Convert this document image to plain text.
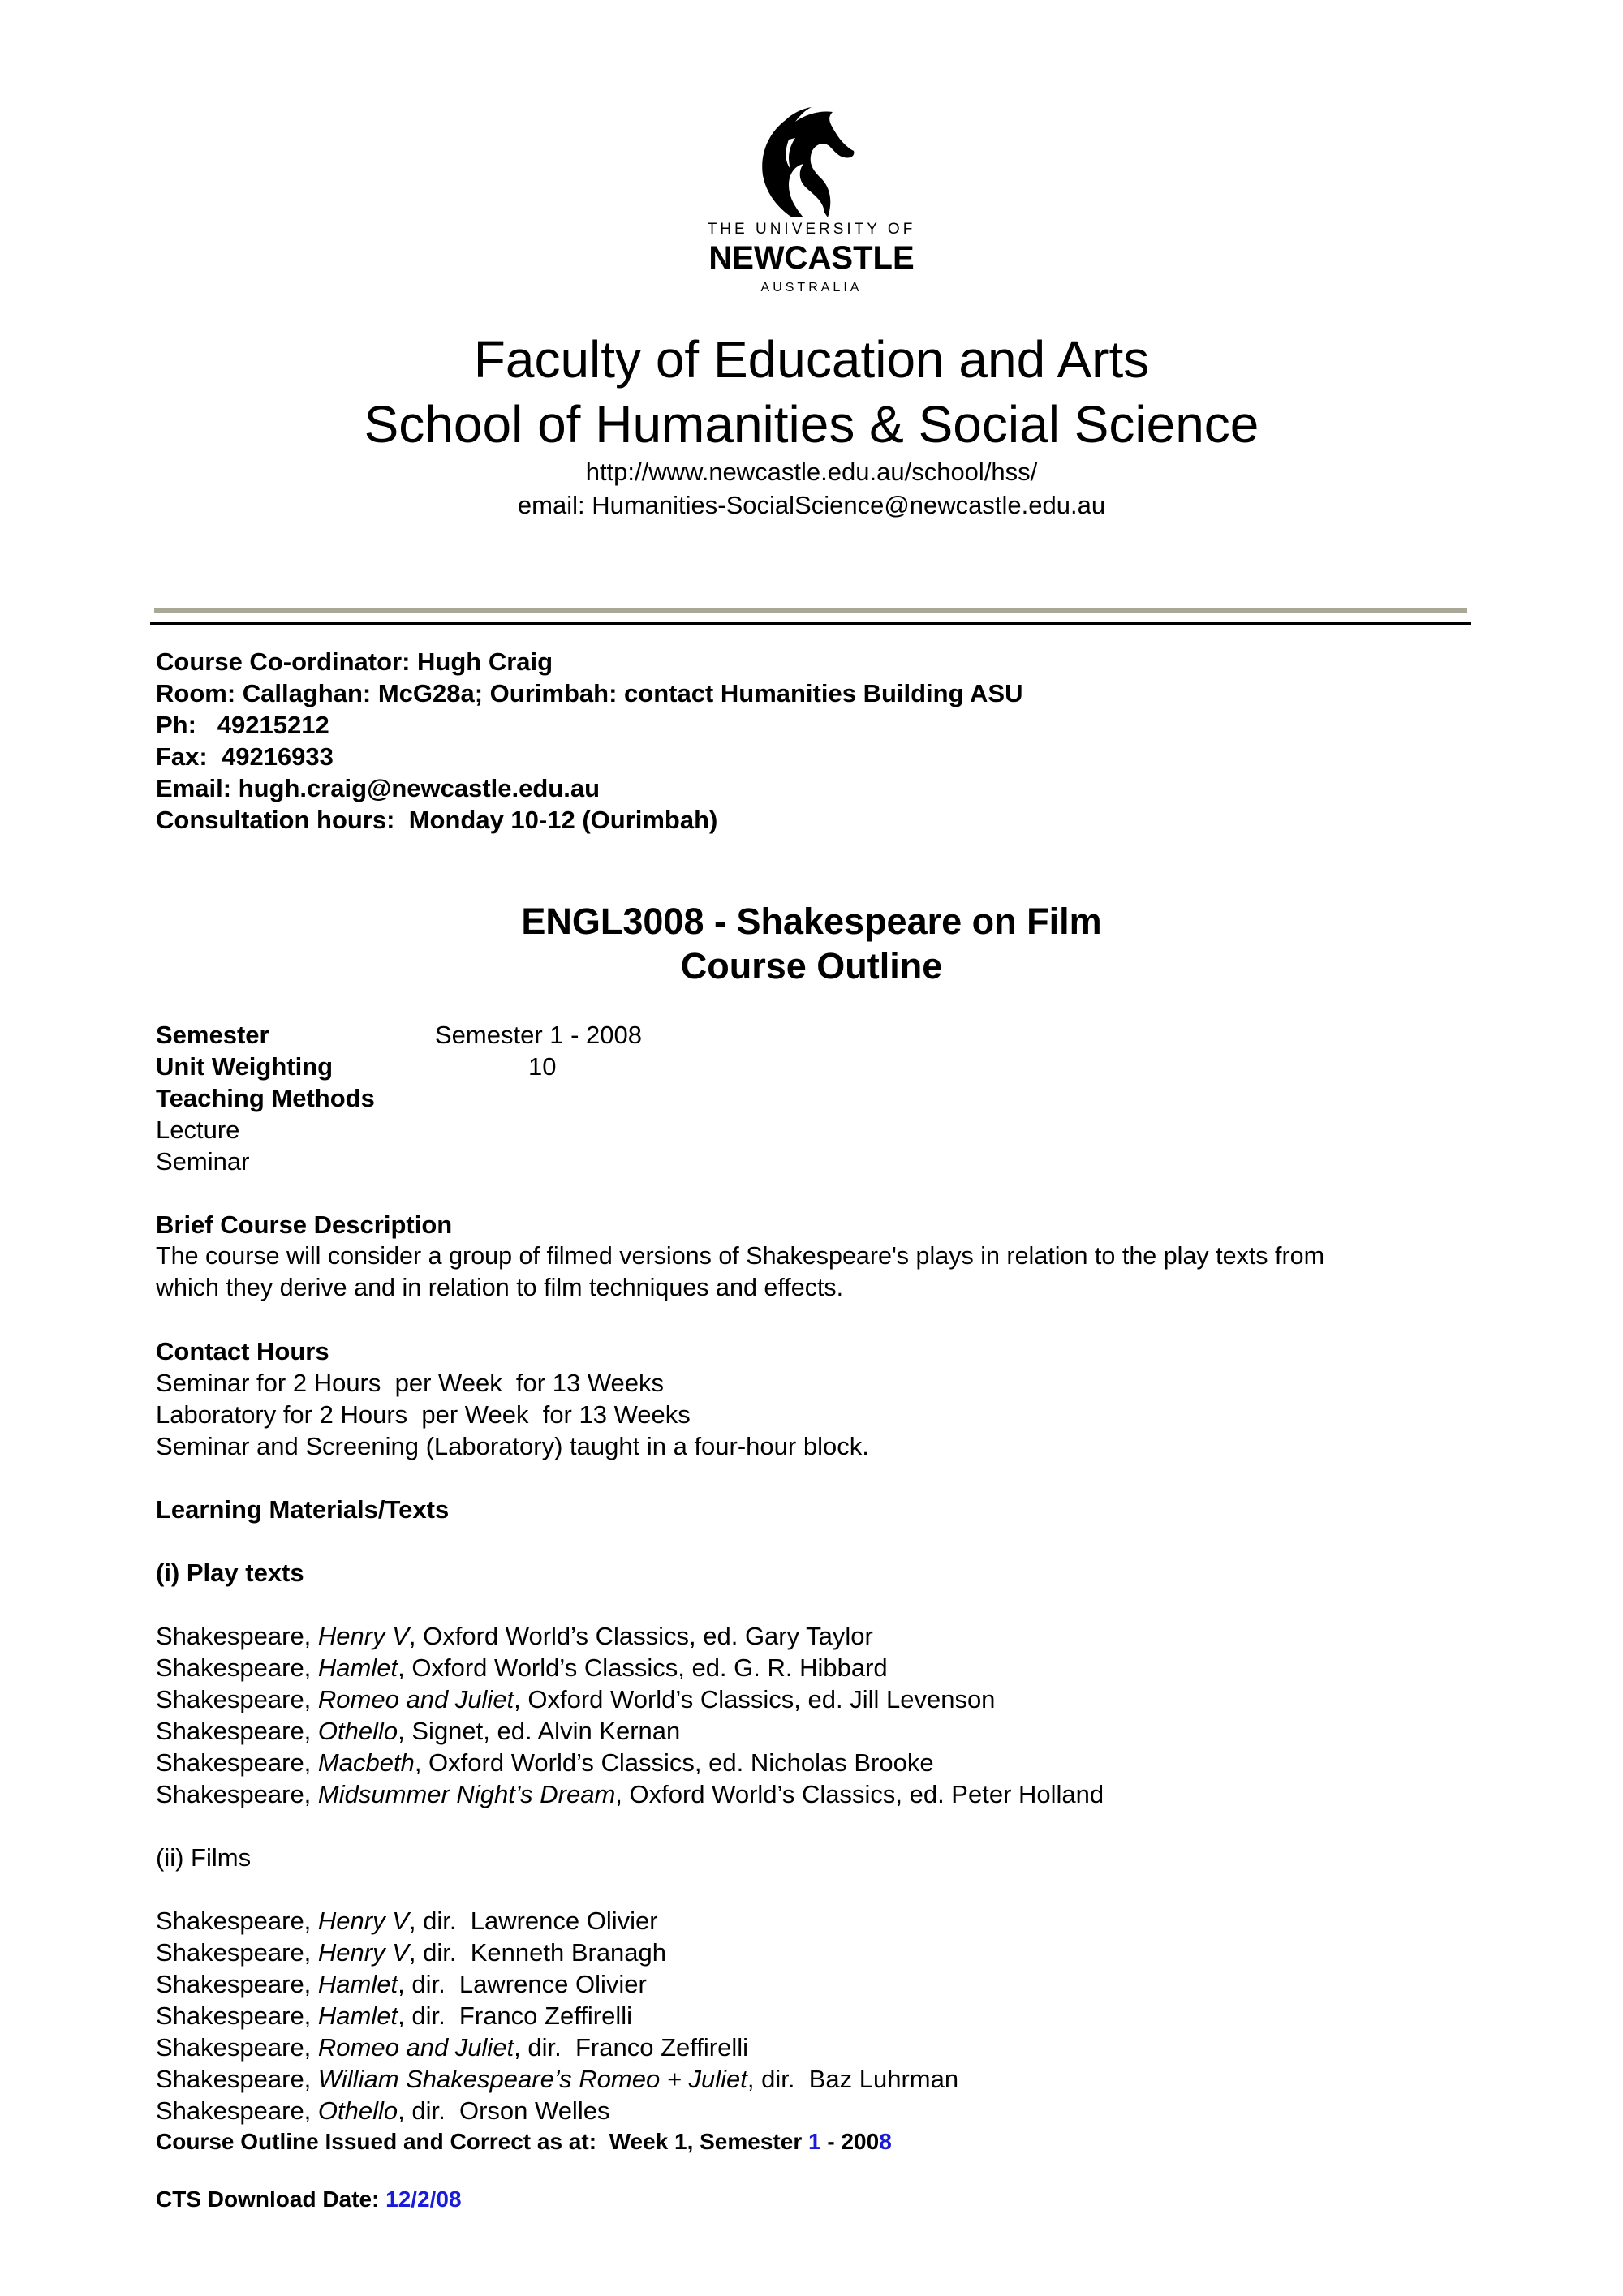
THE UNIVERSITY OF
NEWCASTLE
AUSTRALIA
Faculty of Education and Arts
School of Humanities & Social Science
http://www.newcastle.edu.au/school/hss/
email: Humanities-SocialScience@newcastle.edu.au
Course Co-ordinator: Hugh Craig
Room: Callaghan: McG28a; Ourimbah: contact Humanities Building ASU
Ph:   49215212
Fax:  49216933
Email: hugh.craig@newcastle.edu.au
Consultation hours:  Monday 10-12 (Ourimbah)
ENGL3008 - Shakespeare on Film
Course Outline
Semester	Semester 1 - 2008
Unit Weighting	10
Teaching Methods
Lecture
Seminar
Brief Course Description
The course will consider a group of filmed versions of Shakespeare's plays in relation to the play texts from
which they derive and in relation to film techniques and effects.
Contact Hours
Seminar for 2 Hours  per Week  for 13 Weeks
Laboratory for 2 Hours  per Week  for 13 Weeks
Seminar and Screening (Laboratory) taught in a four-hour block.
Learning Materials/Texts
(i) Play texts
Shakespeare, Henry V, Oxford World’s Classics, ed. Gary Taylor
Shakespeare, Hamlet, Oxford World’s Classics, ed. G. R. Hibbard
Shakespeare, Romeo and Juliet, Oxford World’s Classics, ed. Jill Levenson
Shakespeare, Othello, Signet, ed. Alvin Kernan
Shakespeare, Macbeth, Oxford World’s Classics, ed. Nicholas Brooke
Shakespeare, Midsummer Night’s Dream, Oxford World’s Classics, ed. Peter Holland
(ii) Films
Shakespeare, Henry V, dir.  Lawrence Olivier
Shakespeare, Henry V, dir.  Kenneth Branagh
Shakespeare, Hamlet, dir.  Lawrence Olivier
Shakespeare, Hamlet, dir.  Franco Zeffirelli
Shakespeare, Romeo and Juliet, dir.  Franco Zeffirelli
Shakespeare, William Shakespeare’s Romeo + Juliet, dir.  Baz Luhrman
Shakespeare, Othello, dir.  Orson Welles
Course Outline Issued and Correct as at:  Week 1, Semester 1 - 2008
CTS Download Date: 12/2/08
